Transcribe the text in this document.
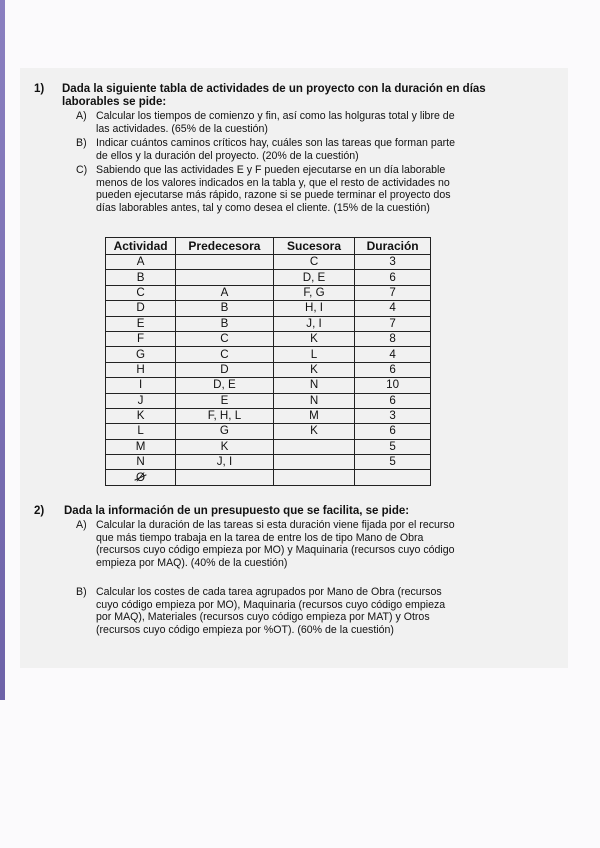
1) Dada la siguiente tabla de actividades de un proyecto con la duración en días
laborables se pide:
A) Calcular los tiempos de comienzo y fin, así como las holguras total y libre de
las actividades. (65% de la cuestión)
B) Indicar cuántos caminos críticos hay, cuáles son las tareas que forman parte
de ellos y la duración del proyecto. (20% de la cuestión)
C) Sabiendo que las actividades E y F pueden ejecutarse en un día laborable
menos de los valores indicados en la tabla y, que el resto de actividades no
pueden ejecutarse más rápido, razone si se puede terminar el proyecto dos
días laborables antes, tal y como desea el cliente. (15% de la cuestión)
Actividad	Predecesora	Sucesora	Duración
A		C	3
B		D, E	6
C	A	F, G	7
D	B	H, I	4
E	B	J, I	7
F	C	K	8
G	C	L	4
H	D	K	6
I	D, E	N	10
J	E	N	6
K	F, H, L	M	3
L	G	K	6
M	K		5
N	J, I		5
Ø			
2) Dada la información de un presupuesto que se facilita, se pide:
A) Calcular la duración de las tareas si esta duración viene fijada por el recurso
que más tiempo trabaja en la tarea de entre los de tipo Mano de Obra
(recursos cuyo código empieza por MO) y Maquinaria (recursos cuyo código
empieza por MAQ). (40% de la cuestión)
B) Calcular los costes de cada tarea agrupados por Mano de Obra (recursos
cuyo código empieza por MO), Maquinaria (recursos cuyo código empieza
por MAQ), Materiales (recursos cuyo código empieza por MAT) y Otros
(recursos cuyo código empieza por %OT). (60% de la cuestión)
